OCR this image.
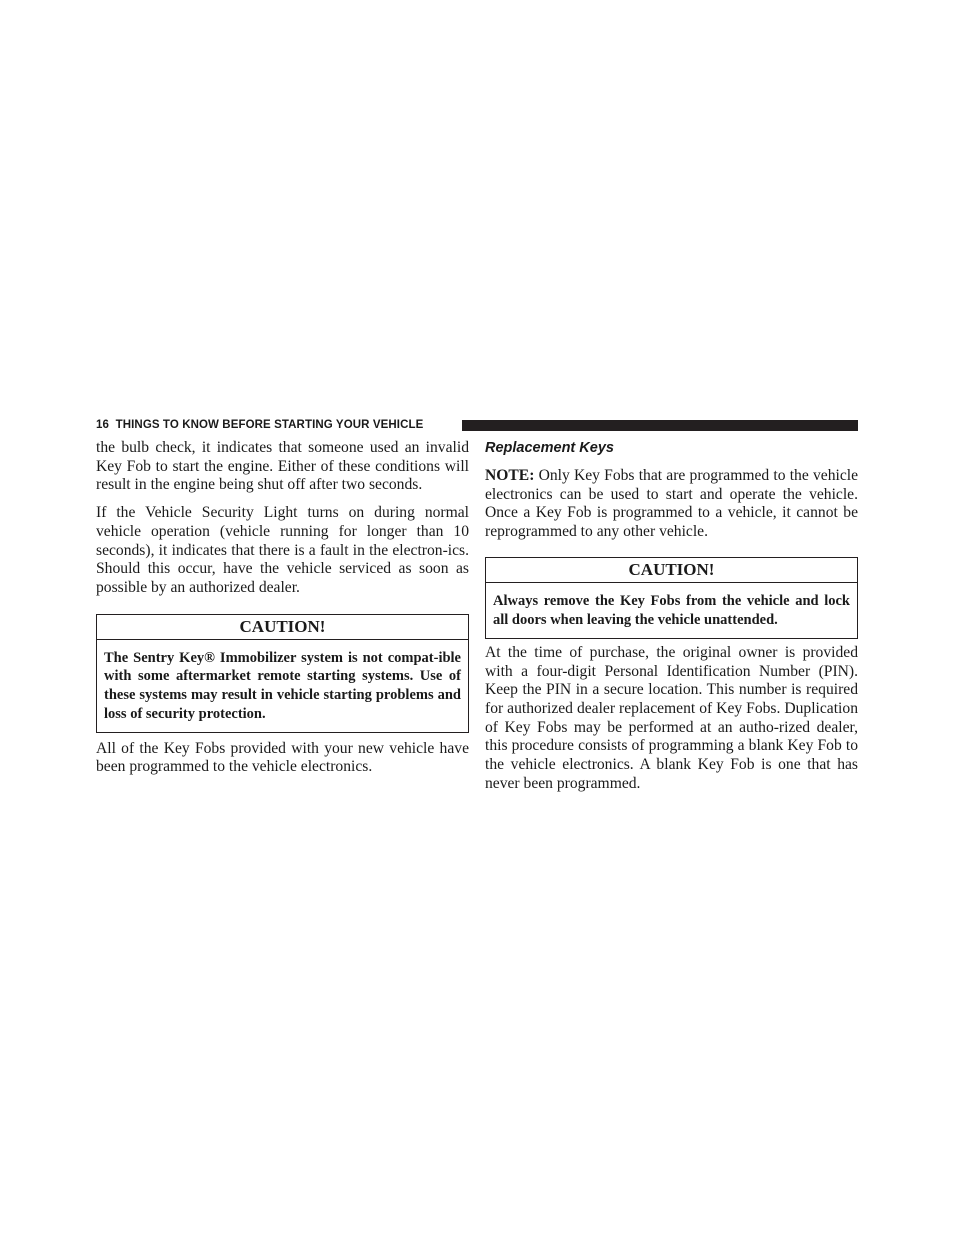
16 THINGS TO KNOW BEFORE STARTING YOUR VEHICLE

the bulb check, it indicates that someone used an invalid Key Fob to start the engine. Either of these conditions will result in the engine being shut off after two seconds.

If the Vehicle Security Light turns on during normal vehicle operation (vehicle running for longer than 10 seconds), it indicates that there is a fault in the electron-ics. Should this occur, have the vehicle serviced as soon as possible by an authorized dealer.

CAUTION!
The Sentry Key® Immobilizer system is not compat-ible with some aftermarket remote starting systems. Use of these systems may result in vehicle starting problems and loss of security protection.

All of the Key Fobs provided with your new vehicle have been programmed to the vehicle electronics.

Replacement Keys

NOTE: Only Key Fobs that are programmed to the vehicle electronics can be used to start and operate the vehicle. Once a Key Fob is programmed to a vehicle, it cannot be reprogrammed to any other vehicle.

CAUTION!
Always remove the Key Fobs from the vehicle and lock all doors when leaving the vehicle unattended.

At the time of purchase, the original owner is provided with a four-digit Personal Identification Number (PIN). Keep the PIN in a secure location. This number is required for authorized dealer replacement of Key Fobs. Duplication of Key Fobs may be performed at an autho-rized dealer, this procedure consists of programming a blank Key Fob to the vehicle electronics. A blank Key Fob is one that has never been programmed.
